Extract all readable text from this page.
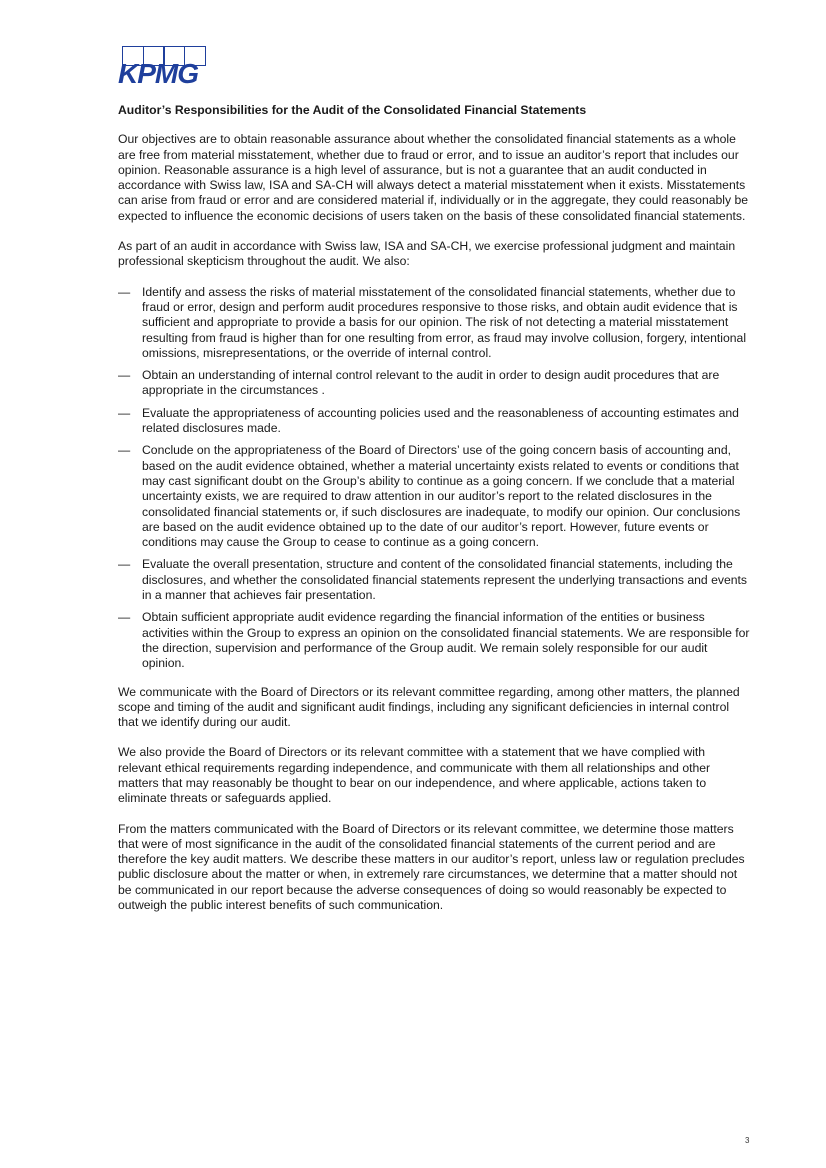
KPMG
Auditor’s Responsibilities for the Audit of the Consolidated Financial Statements

Our objectives are to obtain reasonable assurance about whether the consolidated financial statements as a whole are free from material misstatement, whether due to fraud or error, and to issue an auditor’s report that includes our opinion. Reasonable assurance is a high level of assurance, but is not a guarantee that an audit conducted in accordance with Swiss law, ISA and SA-CH will always detect a material misstatement when it exists. Misstatements can arise from fraud or error and are considered material if, individually or in the aggregate, they could reasonably be expected to influence the economic decisions of users taken on the basis of these consolidated financial statements.

As part of an audit in accordance with Swiss law, ISA and SA-CH, we exercise professional judgment and maintain professional skepticism throughout the audit. We also:

— Identify and assess the risks of material misstatement of the consolidated financial statements, whether due to fraud or error, design and perform audit procedures responsive to those risks, and obtain audit evidence that is sufficient and appropriate to provide a basis for our opinion. The risk of not detecting a material misstatement resulting from fraud is higher than for one resulting from error, as fraud may involve collusion, forgery, intentional omissions, misrepresentations, or the override of internal control.
— Obtain an understanding of internal control relevant to the audit in order to design audit procedures that are appropriate in the circumstances .
— Evaluate the appropriateness of accounting policies used and the reasonableness of accounting estimates and related disclosures made.
— Conclude on the appropriateness of the Board of Directors’ use of the going concern basis of accounting and, based on the audit evidence obtained, whether a material uncertainty exists related to events or conditions that may cast significant doubt on the Group’s ability to continue as a going concern. If we conclude that a material uncertainty exists, we are required to draw attention in our auditor’s report to the related disclosures in the consolidated financial statements or, if such disclosures are inadequate, to modify our opinion. Our conclusions are based on the audit evidence obtained up to the date of our auditor’s report. However, future events or conditions may cause the Group to cease to continue as a going concern.
— Evaluate the overall presentation, structure and content of the consolidated financial statements, including the disclosures, and whether the consolidated financial statements represent the underlying transactions and events in a manner that achieves fair presentation.
— Obtain sufficient appropriate audit evidence regarding the financial information of the entities or business activities within the Group to express an opinion on the consolidated financial statements. We are responsible for the direction, supervision and performance of the Group audit. We remain solely responsible for our audit opinion.

We communicate with the Board of Directors or its relevant committee regarding, among other matters, the planned scope and timing of the audit and significant audit findings, including any significant deficiencies in internal control that we identify during our audit.

We also provide the Board of Directors or its relevant committee with a statement that we have complied with relevant ethical requirements regarding independence, and communicate with them all relationships and other matters that may reasonably be thought to bear on our independence, and where applicable, actions taken to eliminate threats or safeguards applied.

From the matters communicated with the Board of Directors or its relevant committee, we determine those matters that were of most significance in the audit of the consolidated financial statements of the current period and are therefore the key audit matters. We describe these matters in our auditor’s report, unless law or regulation precludes public disclosure about the matter or when, in extremely rare circumstances, we determine that a matter should not be communicated in our report because the adverse consequences of doing so would reasonably be expected to outweigh the public interest benefits of such communication.

3
